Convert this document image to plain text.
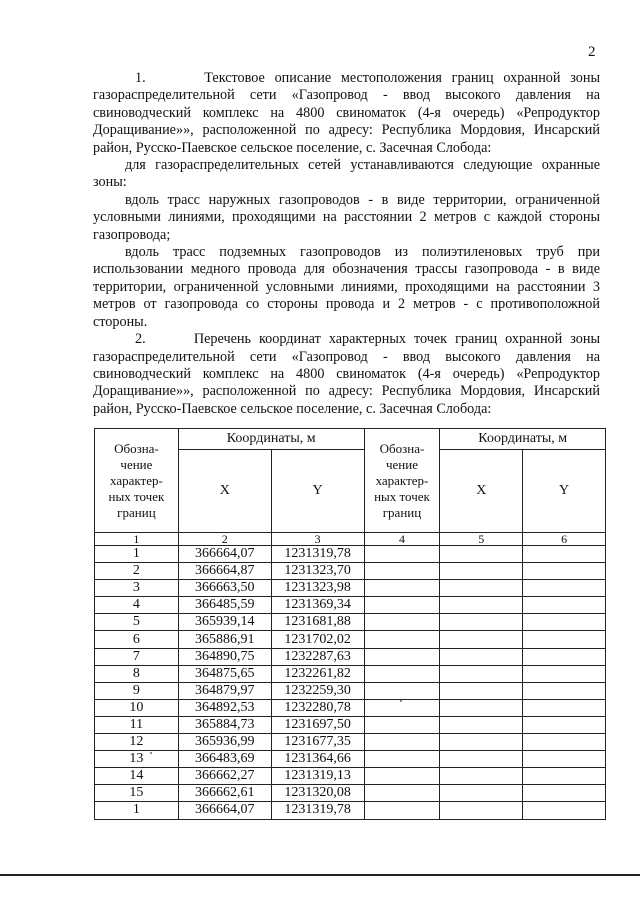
2

1.      Текстовое описание местоположения границ охранной зоны газораспределительной сети «Газопровод - ввод высокого давления на свиноводческий комплекс на 4800 свиноматок (4-я очередь) «Репродуктор Доращивание»», расположенной по адресу: Республика Мордовия, Инсарский район, Русско-Паевское сельское поселение, с. Засечная Слобода:

для газораспределительных сетей устанавливаются следующие охранные зоны:

вдоль трасс наружных газопроводов - в виде территории, ограниченной условными линиями, проходящими на расстоянии 2 метров с каждой стороны газопровода;

вдоль трасс подземных газопроводов из полиэтиленовых труб при использовании медного провода для обозначения трассы газопровода - в виде территории, ограниченной условными линиями, проходящими на расстоянии 3 метров от газопровода со стороны провода и 2 метров - с противоположной стороны.

2.      Перечень координат характерных точек границ охранной зоны газораспределительной сети «Газопровод - ввод высокого давления на свиноводческий комплекс на 4800 свиноматок (4-я очередь) «Репродуктор Доращивание»», расположенной по адресу: Республика Мордовия, Инсарский район, Русско-Паевское сельское поселение, с. Засечная Слобода:

Обозна-
чение
характер-
ных точек
границ	Координаты, м		Обозна-
чение
характер-
ных точек
границ	Координаты, м	
	X	Y		X	Y
1	2	3	4	5	6
1	366664,07	1231319,78			
2	366664,87	1231323,70			
3	366663,50	1231323,98			
4	366485,59	1231369,34			
5	365939,14	1231681,88			
6	365886,91	1231702,02			
7	364890,75	1232287,63			
8	364875,65	1232261,82			
9	364879,97	1232259,30			
10	364892,53	1232280,78			
11	365884,73	1231697,50			
12	365936,99	1231677,35			
13	366483,69	1231364,66			
14	366662,27	1231319,13			
15	366662,61	1231320,08			
1	366664,07	1231319,78			
